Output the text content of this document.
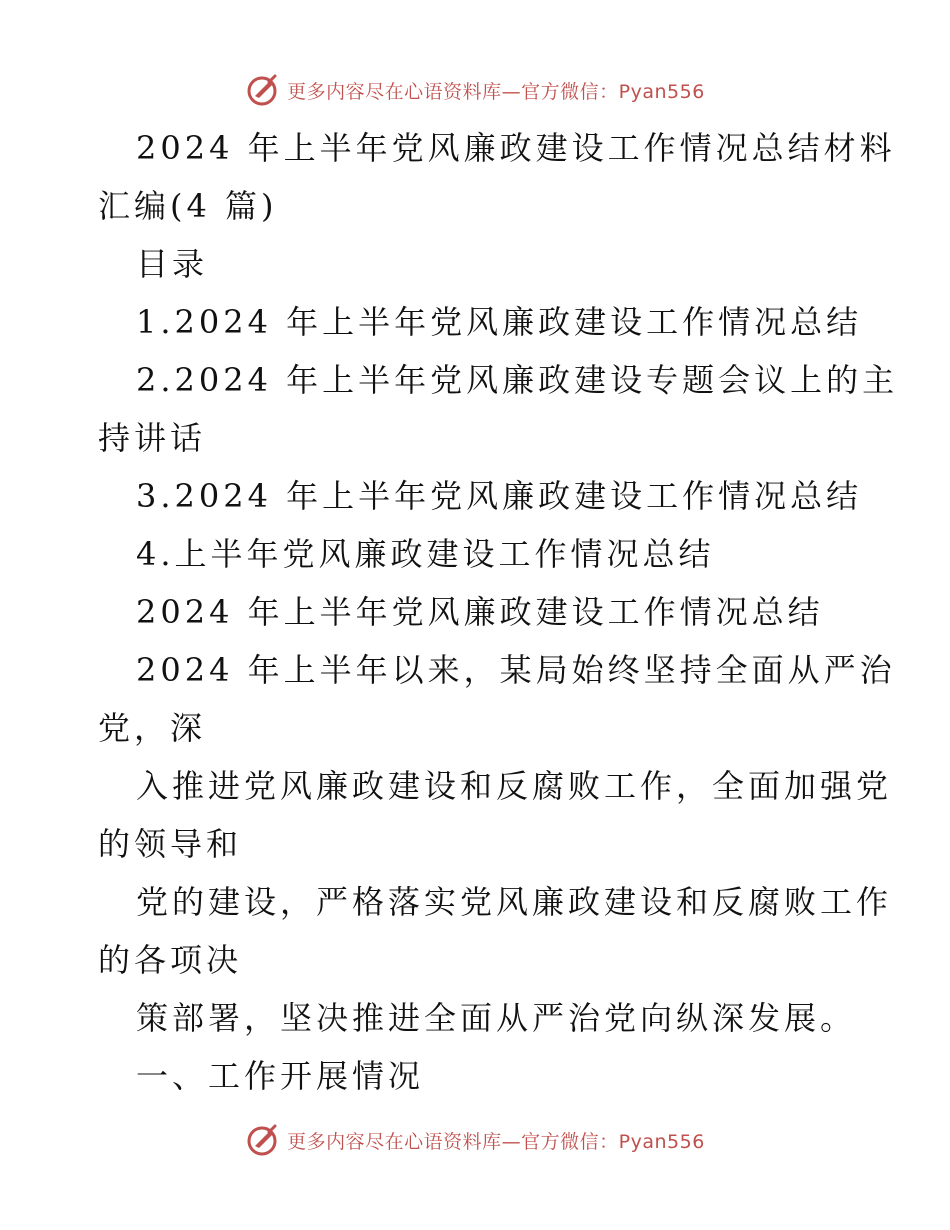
更多内容尽在心语资料库—官方微信：Pyan556
2024 年上半年党风廉政建设工作情况总结材料
汇编(4 篇)
目录
1.2024 年上半年党风廉政建设工作情况总结
2.2024 年上半年党风廉政建设专题会议上的主
持讲话
3.2024 年上半年党风廉政建设工作情况总结
4.上半年党风廉政建设工作情况总结
2024 年上半年党风廉政建设工作情况总结
2024 年上半年以来，某局始终坚持全面从严治
党，深
入推进党风廉政建设和反腐败工作，全面加强党
的领导和
党的建设，严格落实党风廉政建设和反腐败工作
的各项决
策部署，坚决推进全面从严治党向纵深发展。
一、工作开展情况
更多内容尽在心语资料库—官方微信：Pyan556
